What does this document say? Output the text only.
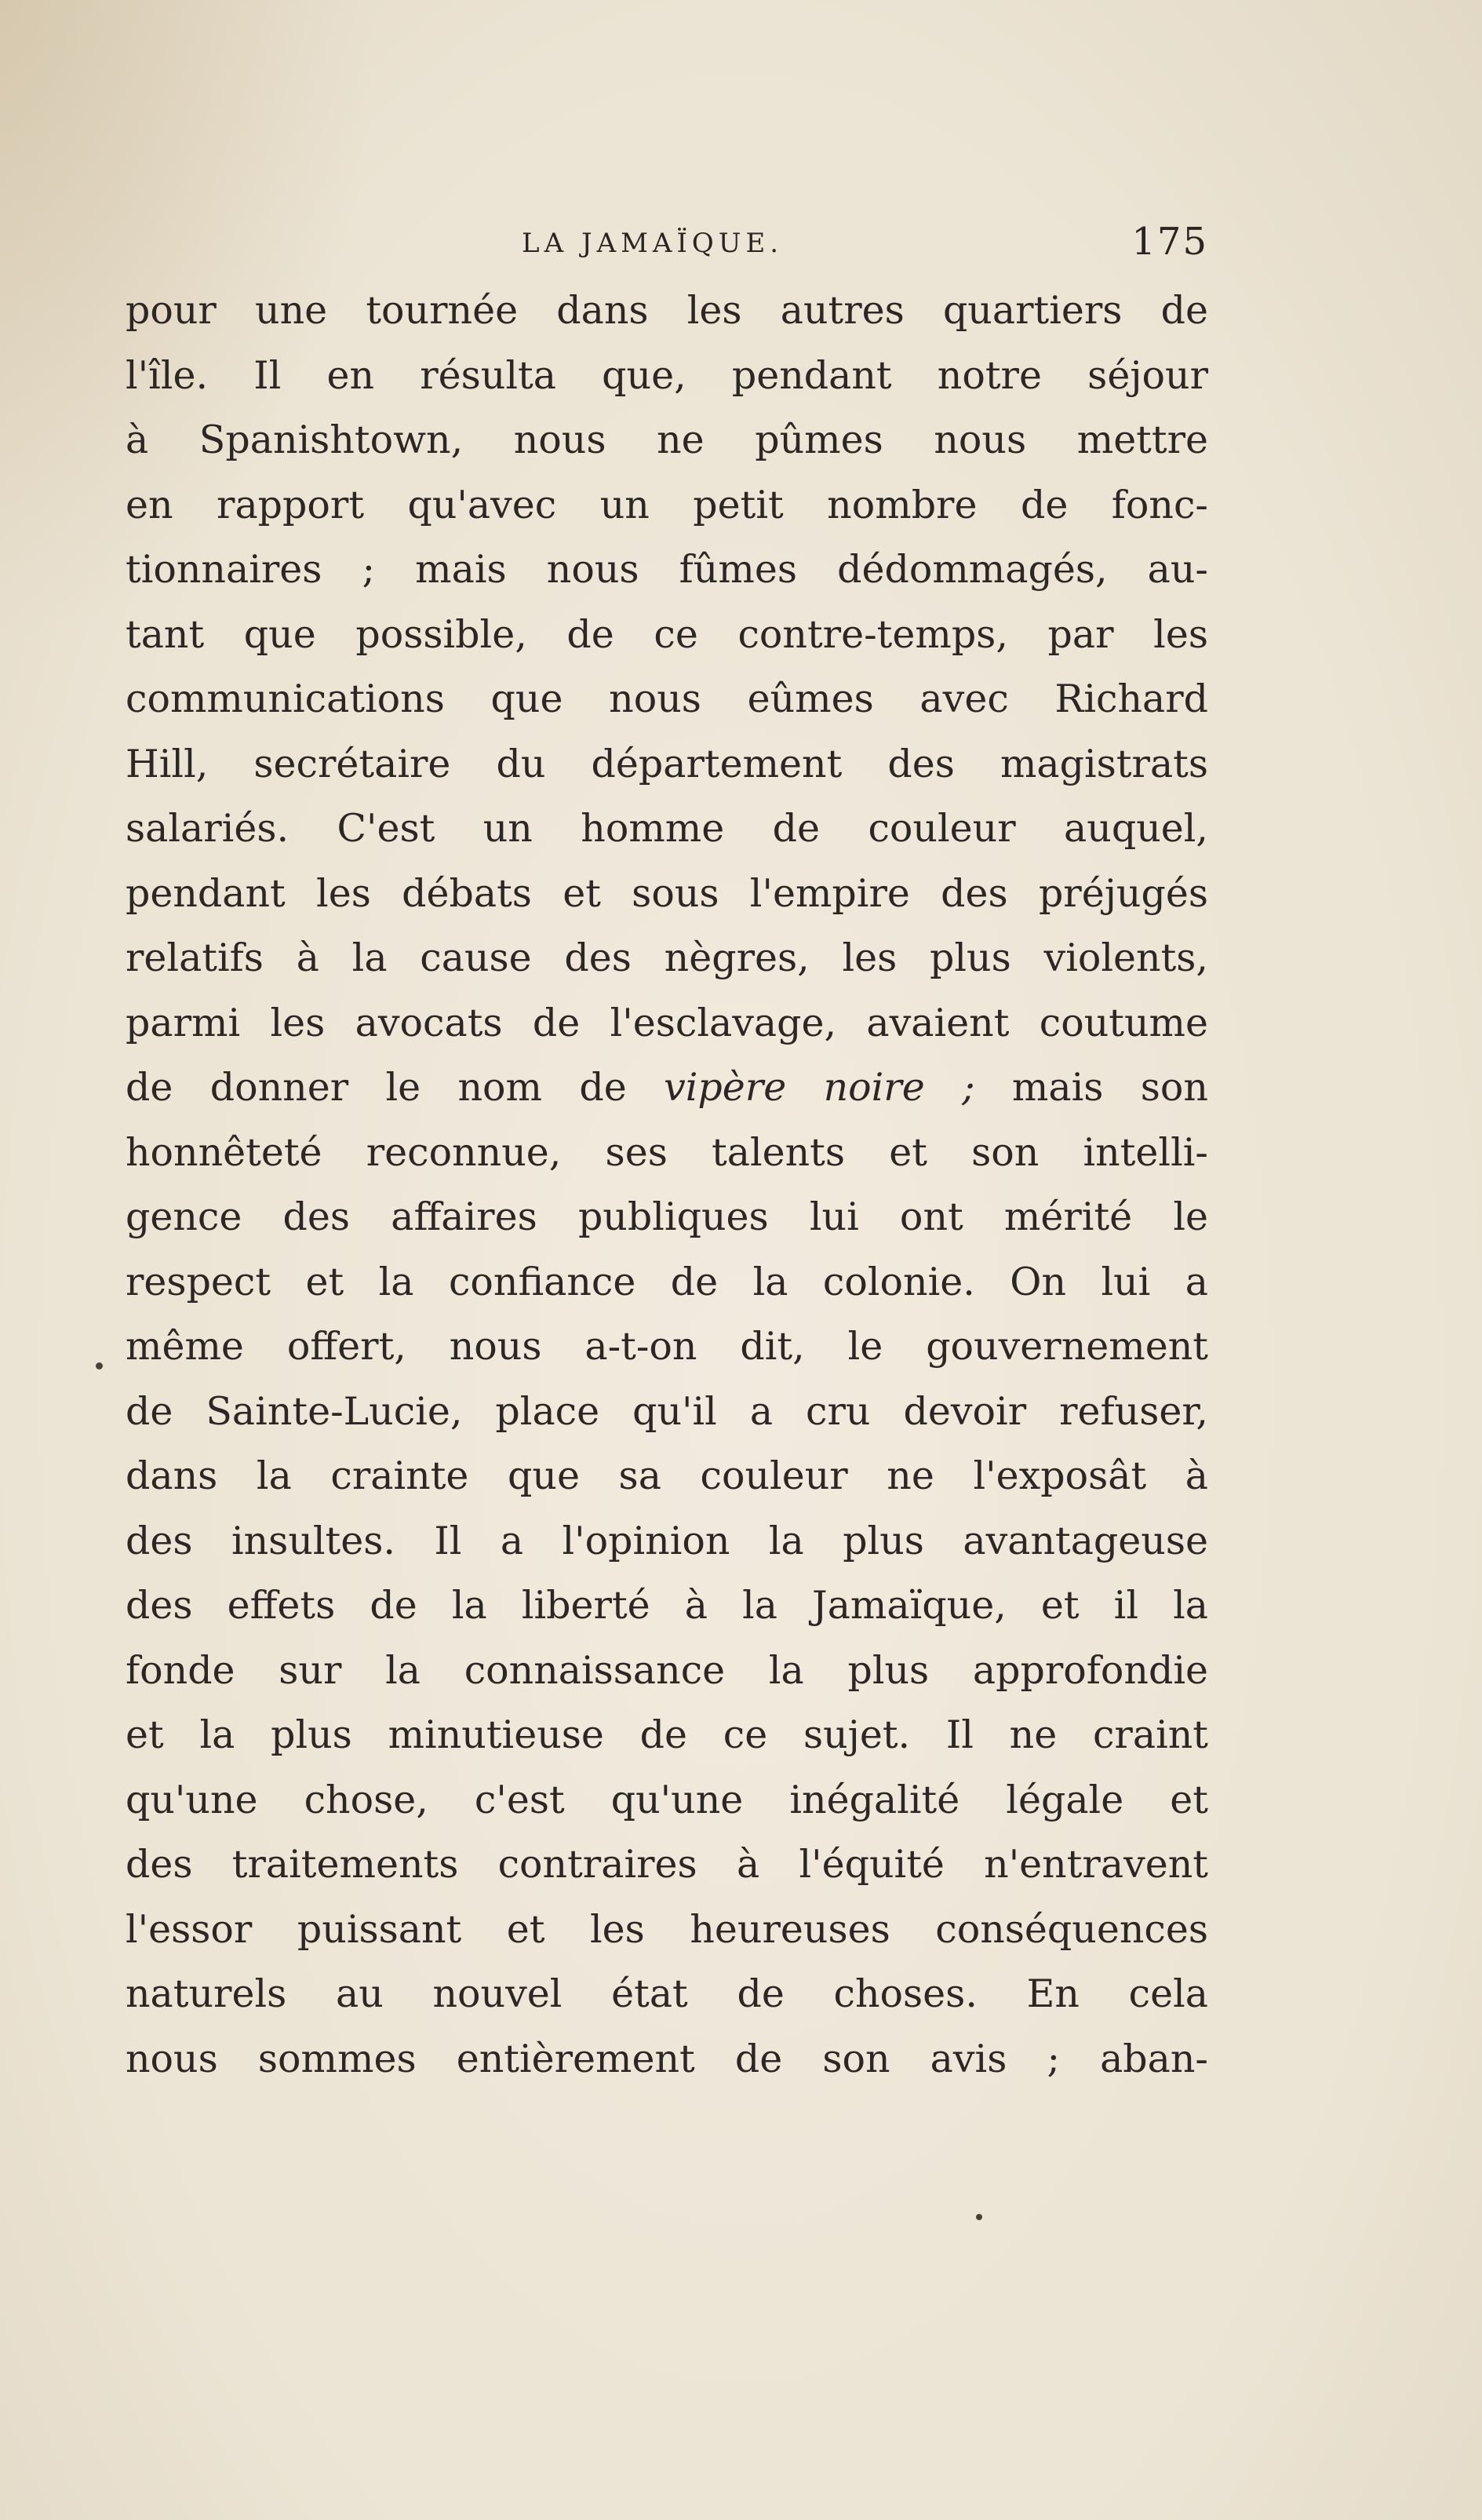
LA JAMAÏQUE.	175
pour une tournée dans les autres quartiers de
l'île. Il en résulta que, pendant notre séjour
à Spanishtown, nous ne pûmes nous mettre
en rapport qu'avec un petit nombre de fonc-
tionnaires ; mais nous fûmes dédommagés, au-
tant que possible, de ce contre-temps, par les
communications que nous eûmes avec Richard
Hill, secrétaire du département des magistrats
salariés. C'est un homme de couleur auquel,
pendant les débats et sous l'empire des préjugés
relatifs à la cause des nègres, les plus violents,
parmi les avocats de l'esclavage, avaient coutume
de donner le nom de vipère noire ; mais son
honnêteté reconnue, ses talents et son intelli-
gence des affaires publiques lui ont mérité le
respect et la confiance de la colonie. On lui a
même offert, nous a-t-on dit, le gouvernement
de Sainte-Lucie, place qu'il a cru devoir refuser,
dans la crainte que sa couleur ne l'exposât à
des insultes. Il a l'opinion la plus avantageuse
des effets de la liberté à la Jamaïque, et il la
fonde sur la connaissance la plus approfondie
et la plus minutieuse de ce sujet. Il ne craint
qu'une chose, c'est qu'une inégalité légale et
des traitements contraires à l'équité n'entravent
l'essor puissant et les heureuses conséquences
naturels au nouvel état de choses. En cela
nous sommes entièrement de son avis ; aban-
